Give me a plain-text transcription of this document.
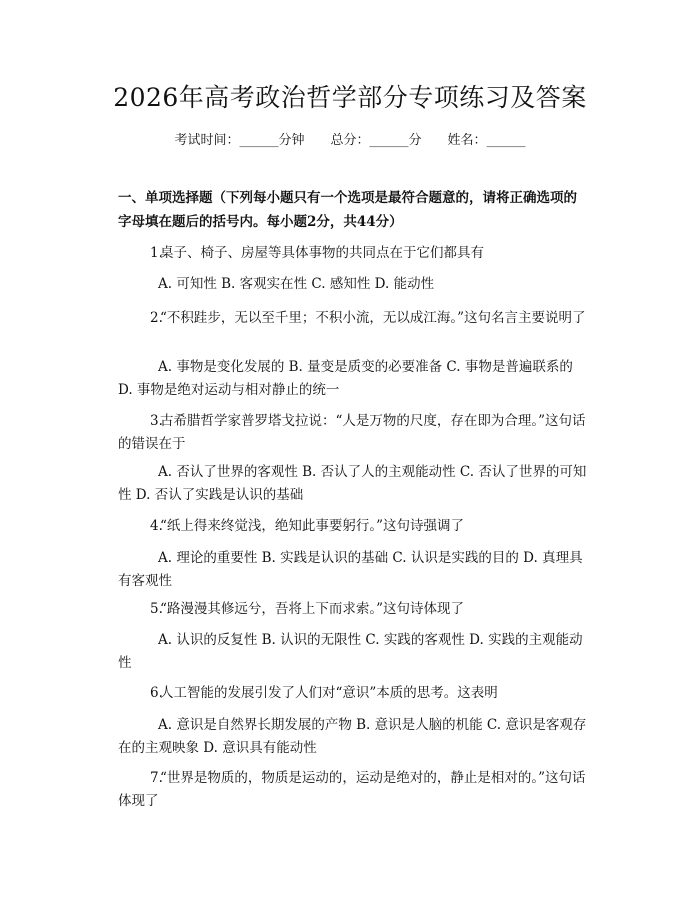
2026年高考政治哲学部分专项练习及答案
考试时间：______分钟 总分：______分 姓名：______
一、单项选择题（下列每小题只有一个选项是最符合题意的，请将正确选项的字母填在题后的括号内。每小题2分，共44分）
1.桌子、椅子、房屋等具体事物的共同点在于它们都具有
A. 可知性 B. 客观实在性 C. 感知性 D. 能动性
2.“不积跬步，无以至千里；不积小流，无以成江海。”这句名言主要说明了
A. 事物是变化发展的 B. 量变是质变的必要准备 C. 事物是普遍联系的 D. 事物是绝对运动与相对静止的统一
3.古希腊哲学家普罗塔戈拉说：“人是万物的尺度，存在即为合理。”这句话的错误在于
A. 否认了世界的客观性 B. 否认了人的主观能动性 C. 否认了世界的可知性 D. 否认了实践是认识的基础
4.“纸上得来终觉浅，绝知此事要躬行。”这句诗强调了
A. 理论的重要性 B. 实践是认识的基础 C. 认识是实践的目的 D. 真理具有客观性
5.“路漫漫其修远兮，吾将上下而求索。”这句诗体现了
A. 认识的反复性 B. 认识的无限性 C. 实践的客观性 D. 实践的主观能动性
6.人工智能的发展引发了人们对“意识”本质的思考。这表明
A. 意识是自然界长期发展的产物 B. 意识是人脑的机能 C. 意识是客观存在的主观映象 D. 意识具有能动性
7.“世界是物质的，物质是运动的，运动是绝对的，静止是相对的。”这句话体现了
